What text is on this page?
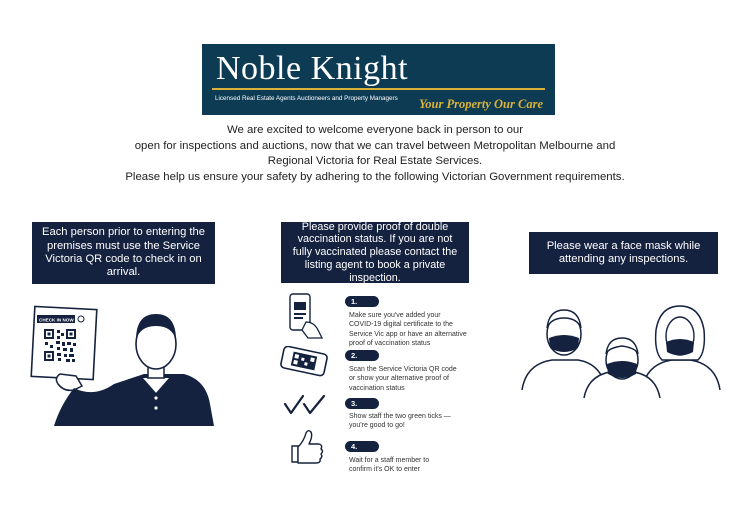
Noble Knight
Licensed Real Estate Agents Auctioneers and Property Managers Your Property Our Care
We are excited to welcome everyone back in person to our
open for inspections and auctions, now that we can travel between Metropolitan Melbourne and
Regional Victoria for Real Estate Services.
Please help us ensure your safety by adhering to the following Victorian Government requirements.
Each person prior to entering the premises must use the Service Victoria QR code to check in on arrival.
Please provide proof of double vaccination status. If you are not fully vaccinated please contact the listing agent to book a private inspection.
Please wear a face mask while attending any inspections.
CHECK IN NOW
1.
Make sure you've added your
COVID-19 digital certificate to the
Service Vic app or have an alternative
proof of vaccination status
2.
Scan the Service Victoria QR code
or show your alternative proof of
vaccination status
3.
Show staff the two green ticks —
you're good to go!
4.
Wait for a staff member to
confirm it's OK to enter
